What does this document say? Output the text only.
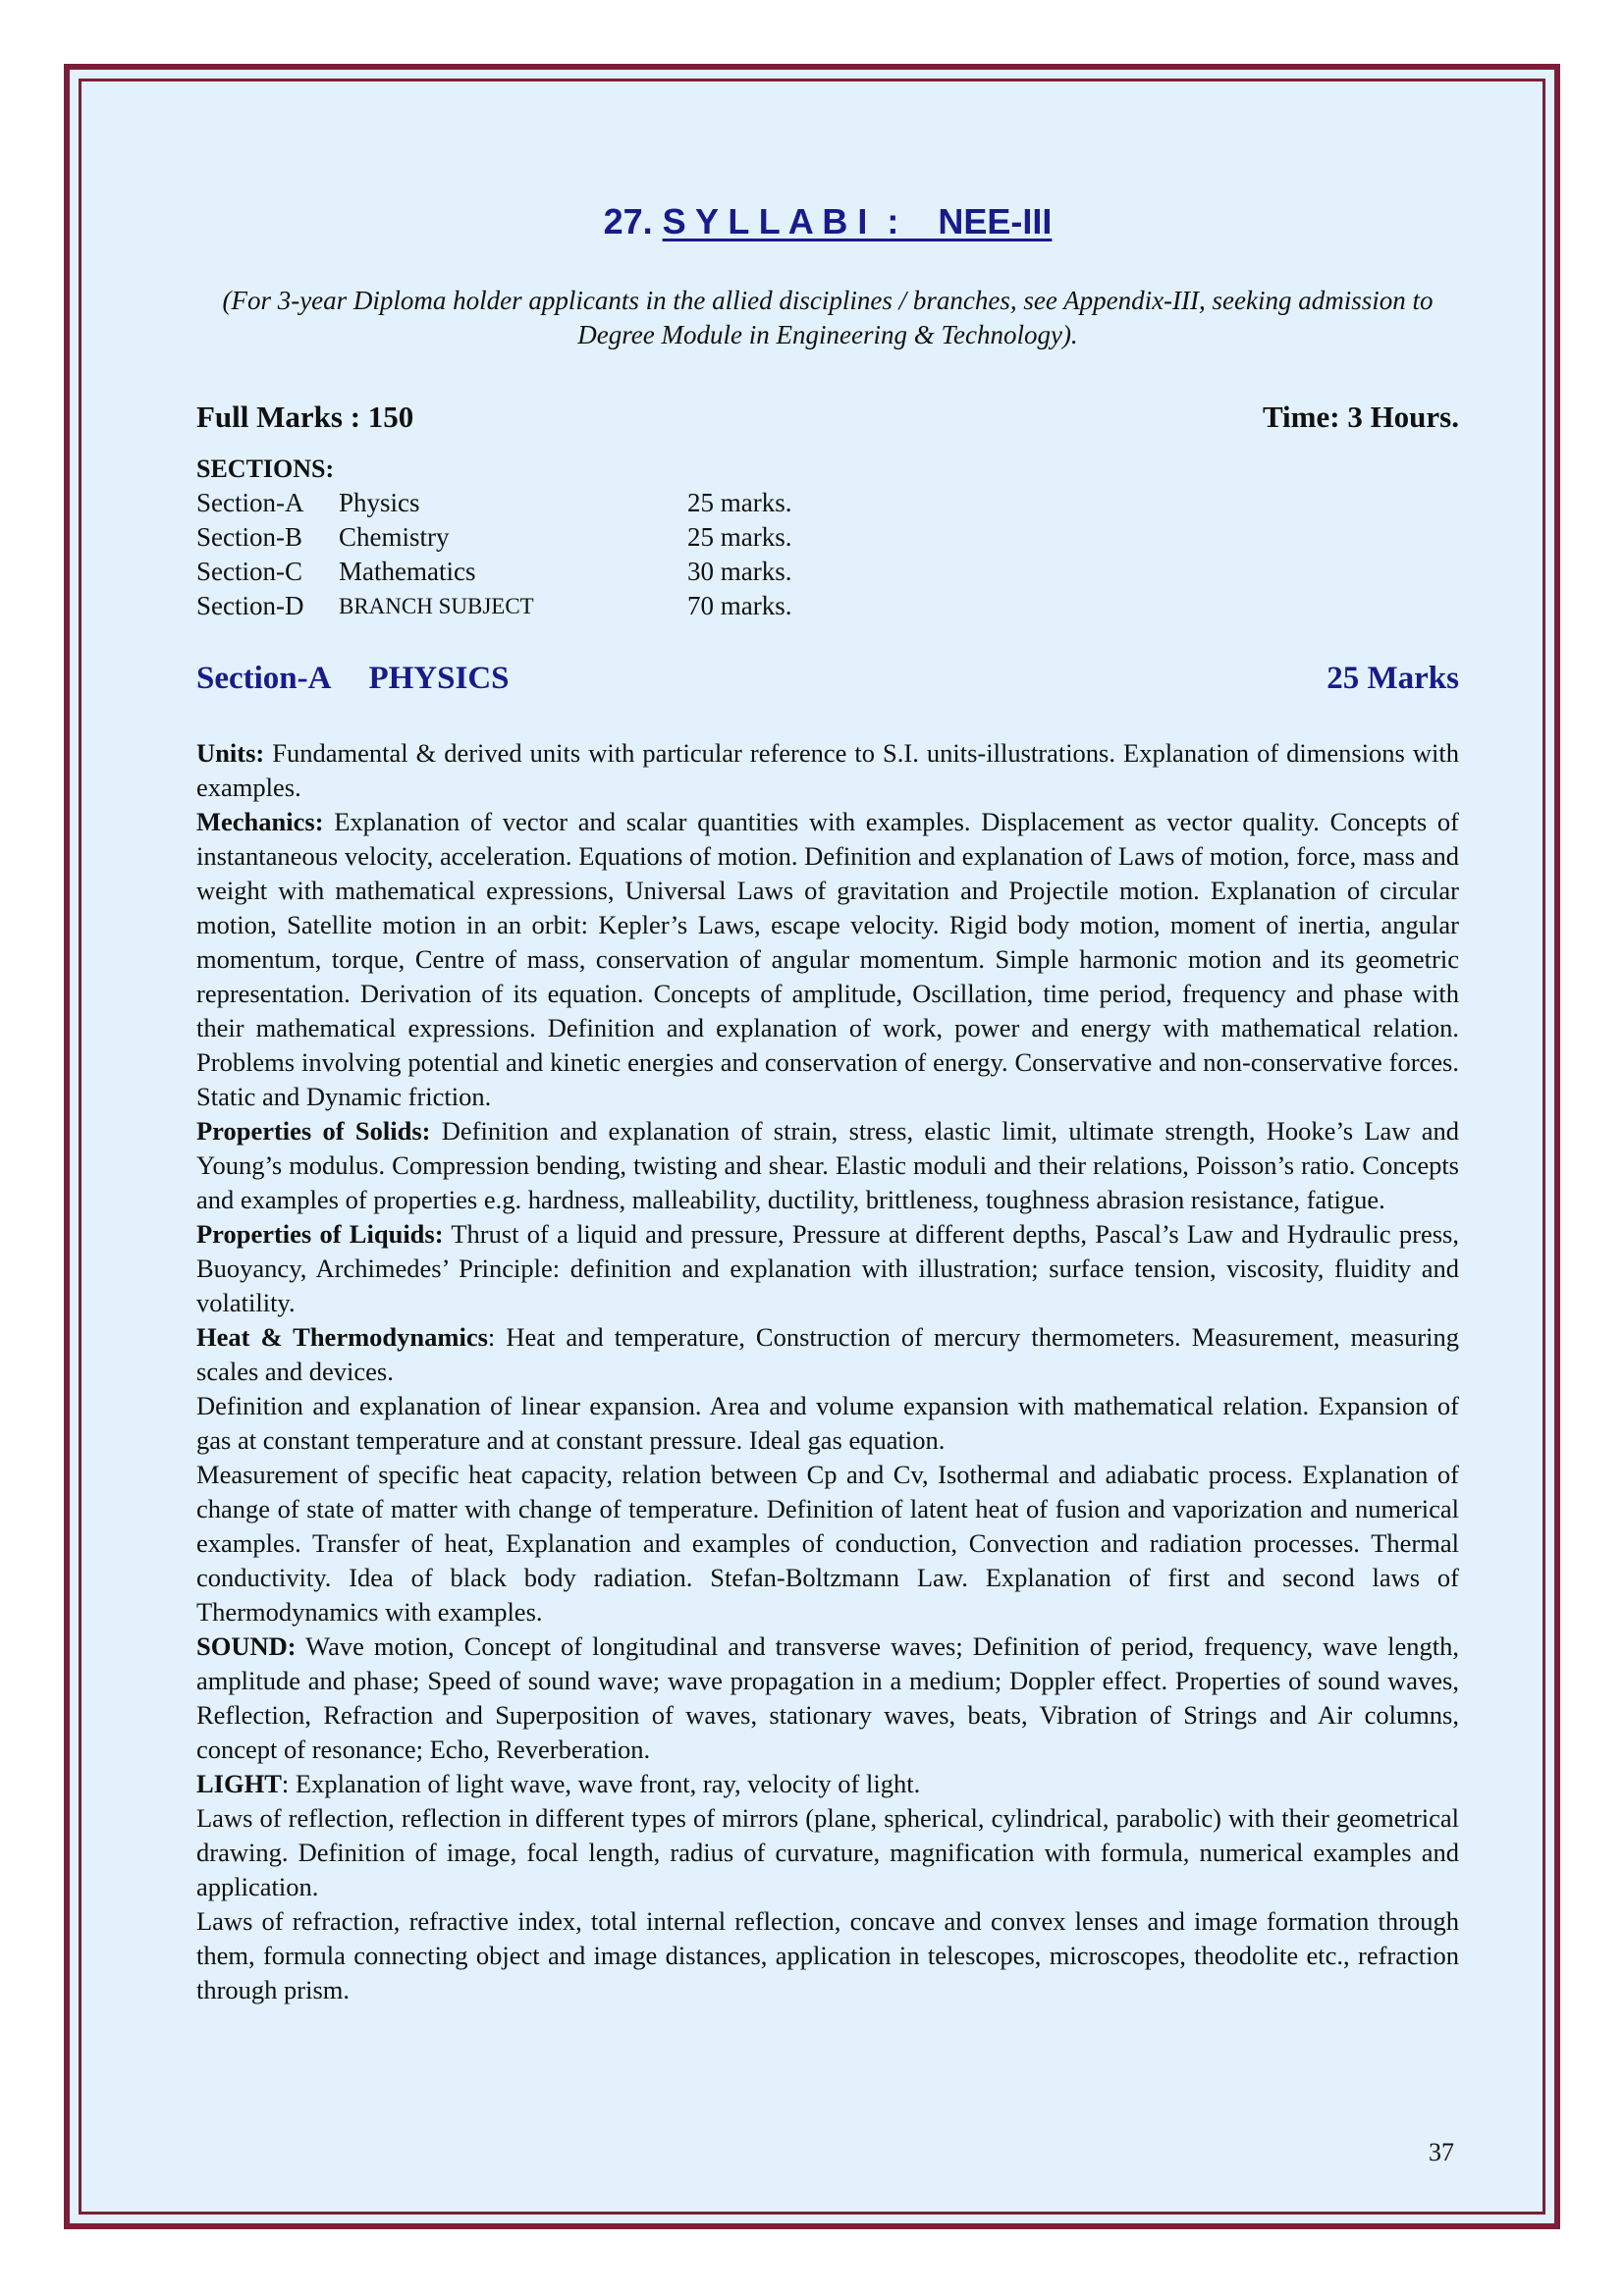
27. S Y L L A B I  :    NEE-III
(For 3-year Diploma holder applicants in the allied disciplines / branches, see Appendix-III, seeking admission to Degree Module in Engineering & Technology).
Full Marks : 150	Time: 3 Hours.
SECTIONS:
Section-A	Physics	25 marks.
Section-B	Chemistry	25 marks.
Section-C	Mathematics	30 marks.
Section-D	BRANCH SUBJECT	70 marks.
Section-A PHYSICS	25 Marks

Units: Fundamental & derived units with particular reference to S.I. units-illustrations. Explanation of dimensions with examples.

Mechanics: Explanation of vector and scalar quantities with examples. Displacement as vector quality. Concepts of instantaneous velocity, acceleration. Equations of motion. Definition and explanation of Laws of motion, force, mass and weight with mathematical expressions, Universal Laws of gravitation and Projectile motion. Explanation of circular motion, Satellite motion in an orbit: Kepler’s Laws, escape velocity. Rigid body motion, moment of inertia, angular momentum, torque, Centre of mass, conservation of angular momentum. Simple harmonic motion and its geometric representation. Derivation of its equation. Concepts of amplitude, Oscillation, time period, frequency and phase with their mathematical expressions. Definition and explanation of work, power and energy with mathematical relation. Problems involving potential and kinetic energies and conservation of energy. Conservative and non-conservative forces. Static and Dynamic friction.

Properties of Solids: Definition and explanation of strain, stress, elastic limit, ultimate strength, Hooke’s Law and Young’s modulus. Compression bending, twisting and shear. Elastic moduli and their relations, Poisson’s ratio. Concepts and examples of properties e.g. hardness, malleability, ductility, brittleness, toughness abrasion resistance, fatigue.

Properties of Liquids: Thrust of a liquid and pressure, Pressure at different depths, Pascal’s Law and Hydraulic press, Buoyancy, Archimedes’ Principle: definition and explanation with illustration; surface tension, viscosity, fluidity and volatility.

Heat & Thermodynamics: Heat and temperature, Construction of mercury thermometers. Measurement, measuring scales and devices.

Definition and explanation of linear expansion. Area and volume expansion with mathematical relation. Expansion of gas at constant temperature and at constant pressure. Ideal gas equation.

Measurement of specific heat capacity, relation between Cp and Cv, Isothermal and adiabatic process. Explanation of change of state of matter with change of temperature. Definition of latent heat of fusion and vaporization and numerical examples. Transfer of heat, Explanation and examples of conduction, Convection and radiation processes. Thermal conductivity. Idea of black body radiation. Stefan-Boltzmann Law. Explanation of first and second laws of Thermodynamics with examples.

SOUND: Wave motion, Concept of longitudinal and transverse waves; Definition of period, frequency, wave length, amplitude and phase; Speed of sound wave; wave propagation in a medium; Doppler effect. Properties of sound waves, Reflection, Refraction and Superposition of waves, stationary waves, beats, Vibration of Strings and Air columns, concept of resonance; Echo, Reverberation.

LIGHT: Explanation of light wave, wave front, ray, velocity of light.

Laws of reflection, reflection in different types of mirrors (plane, spherical, cylindrical, parabolic) with their geometrical drawing. Definition of image, focal length, radius of curvature, magnification with formula, numerical examples and application.

Laws of refraction, refractive index, total internal reflection, concave and convex lenses and image formation through them, formula connecting object and image distances, application in telescopes, microscopes, theodolite etc., refraction through prism.

37
